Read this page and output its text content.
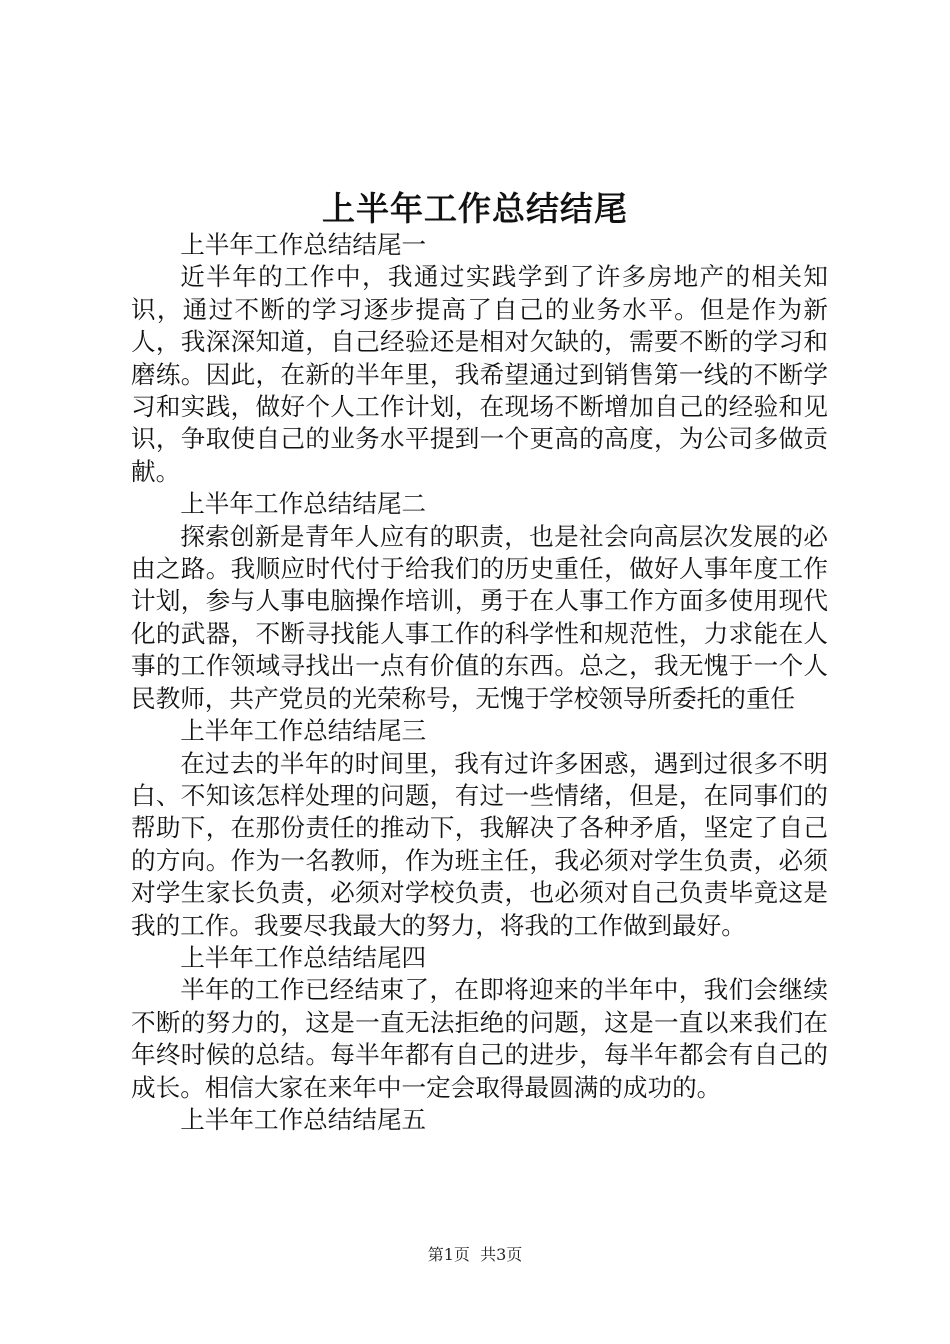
上半年工作总结结尾

上半年工作总结结尾一

近半年的工作中，我通过实践学到了许多房地产的相关知识，通过不断的学习逐步提高了自己的业务水平。但是作为新人，我深深知道，自己经验还是相对欠缺的，需要不断的学习和磨练。因此，在新的半年里，我希望通过到销售第一线的不断学习和实践，做好个人工作计划，在现场不断增加自己的经验和见识，争取使自己的业务水平提到一个更高的高度，为公司多做贡献。

上半年工作总结结尾二

探索创新是青年人应有的职责，也是社会向高层次发展的必由之路。我顺应时代付于给我们的历史重任，做好人事年度工作计划，参与人事电脑操作培训，勇于在人事工作方面多使用现代化的武器，不断寻找能人事工作的科学性和规范性，力求能在人事的工作领域寻找出一点有价值的东西。总之，我无愧于一个人民教师，共产党员的光荣称号，无愧于学校领导所委托的重任

上半年工作总结结尾三

在过去的半年的时间里，我有过许多困惑，遇到过很多不明白、不知该怎样处理的问题，有过一些情绪，但是，在同事们的帮助下，在那份责任的推动下，我解决了各种矛盾，坚定了自己的方向。作为一名教师，作为班主任，我必须对学生负责，必须对学生家长负责，必须对学校负责，也必须对自己负责毕竟这是我的工作。我要尽我最大的努力，将我的工作做到最好。

上半年工作总结结尾四

半年的工作已经结束了，在即将迎来的半年中，我们会继续不断的努力的，这是一直无法拒绝的问题，这是一直以来我们在年终时候的总结。每半年都有自己的进步，每半年都会有自己的成长。相信大家在来年中一定会取得最圆满的成功的。

上半年工作总结结尾五

第1页  共3页
